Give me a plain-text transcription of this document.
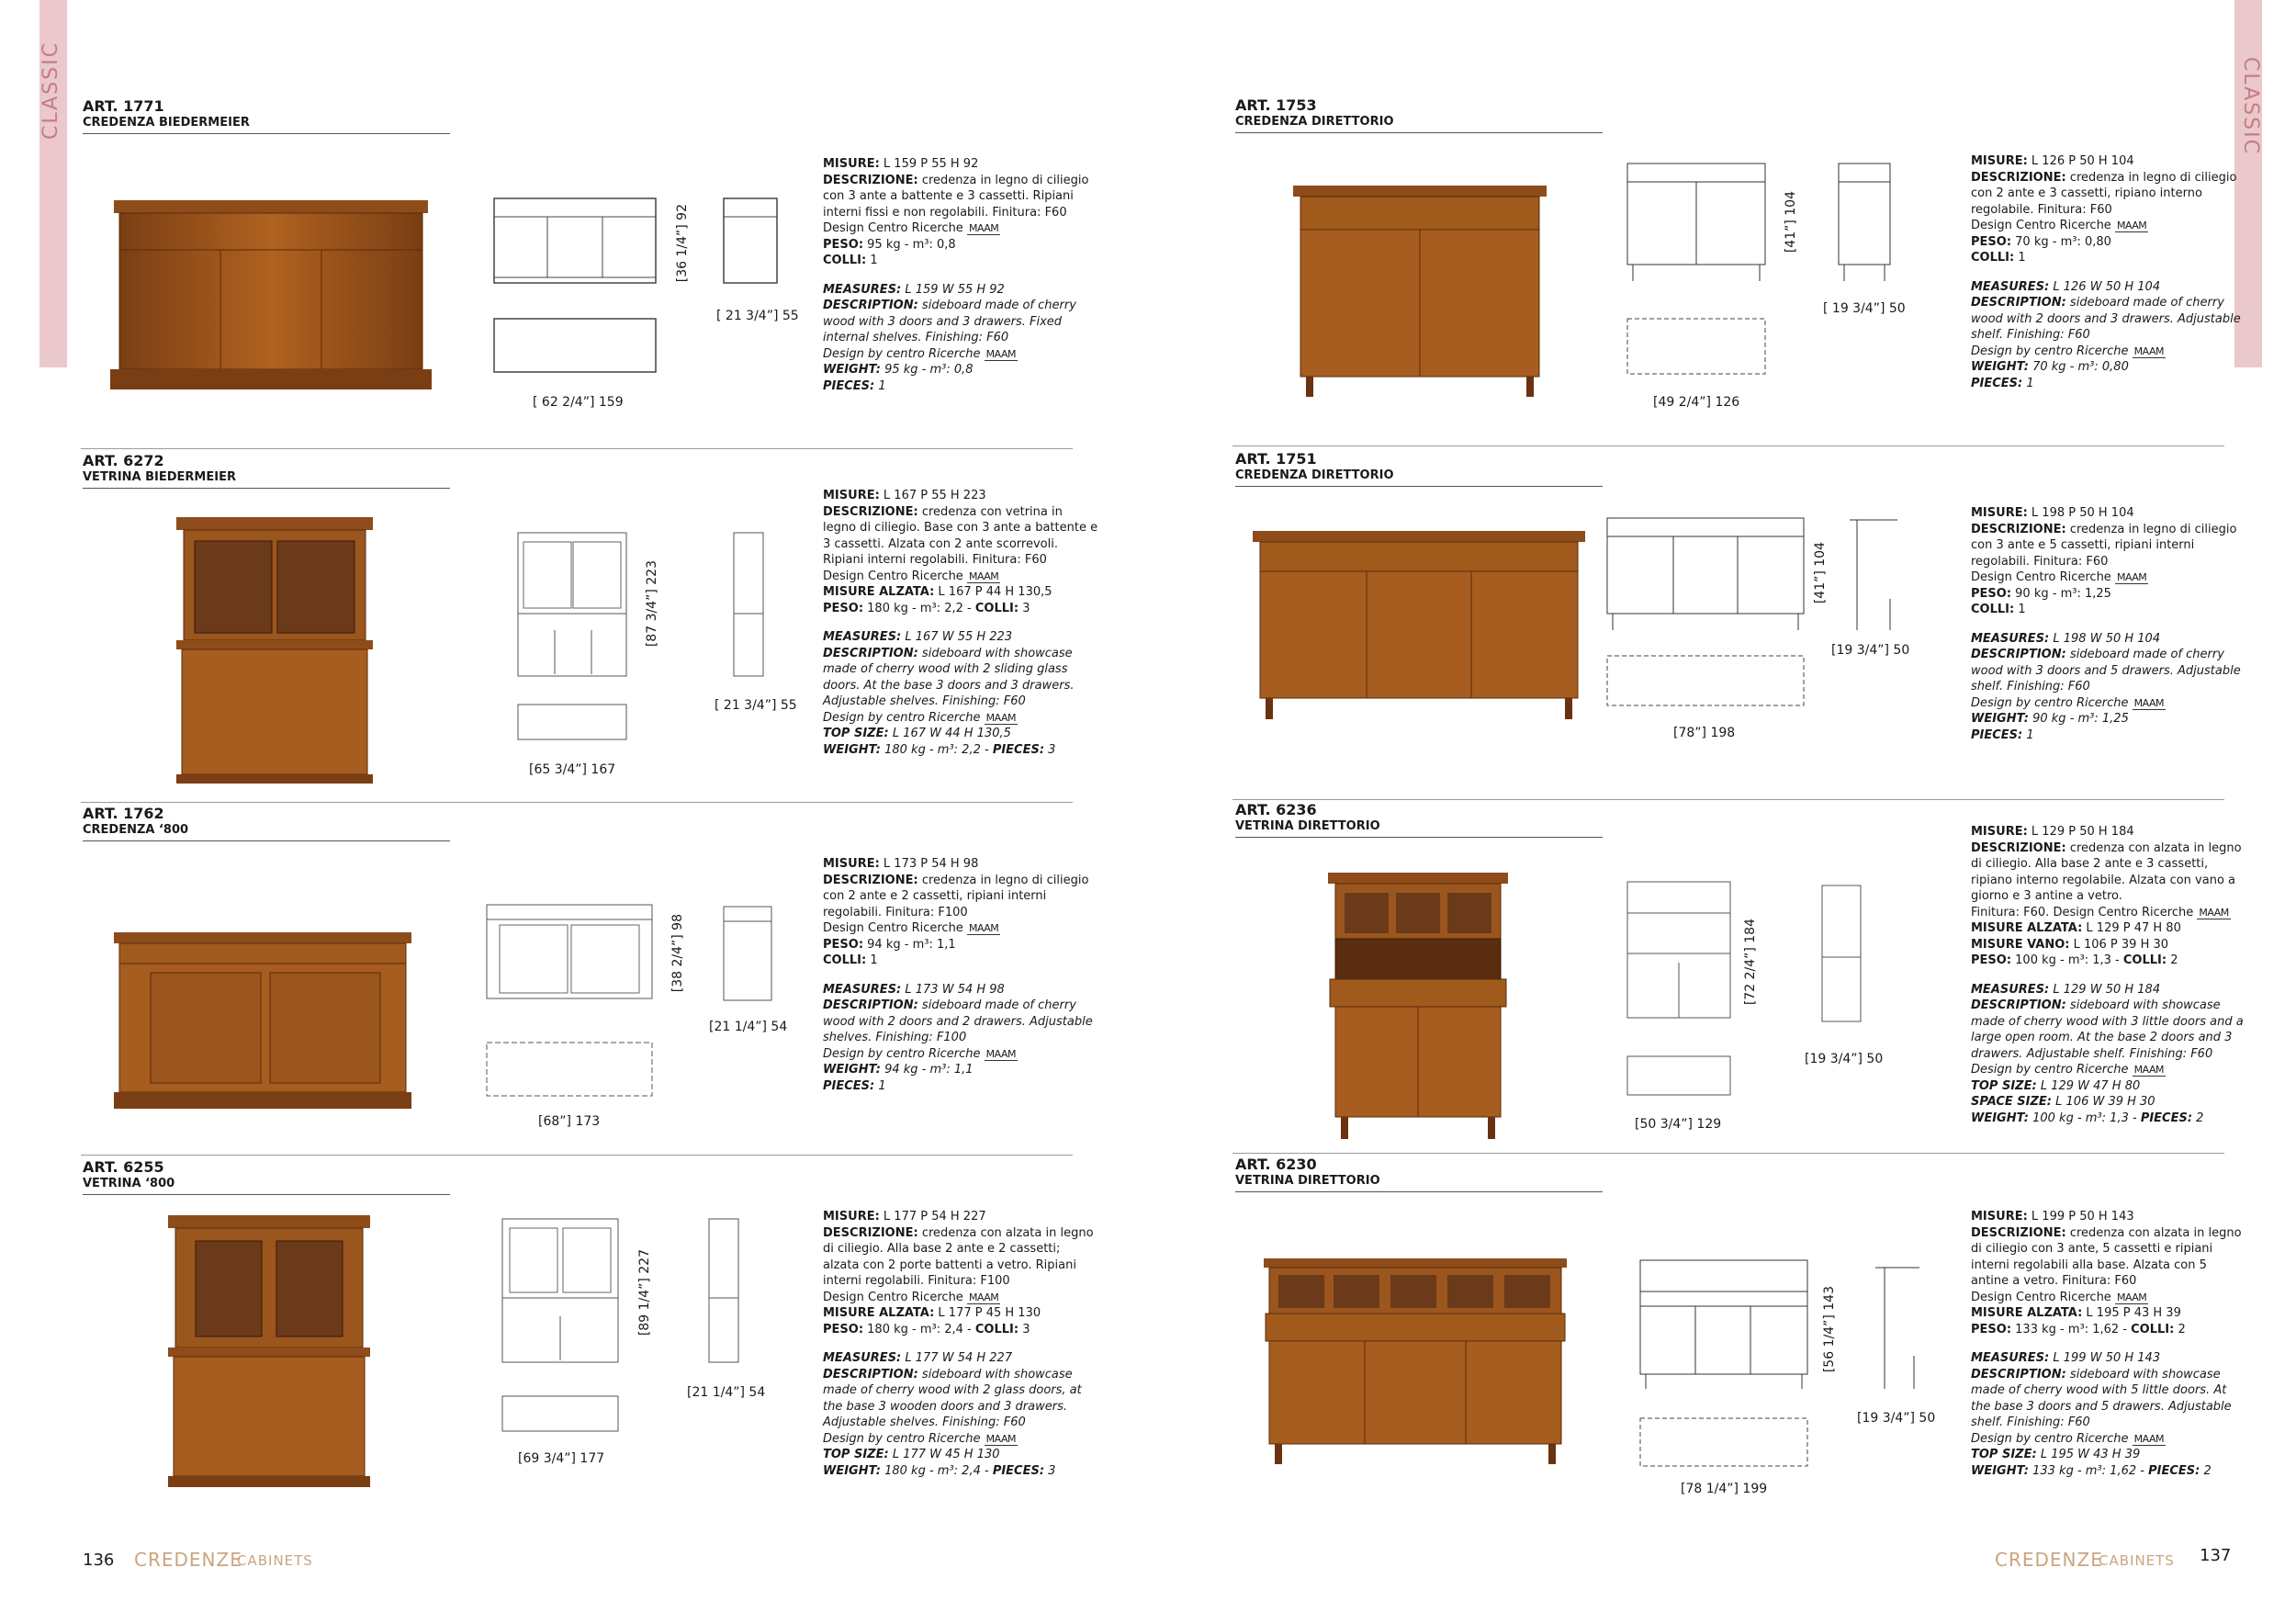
CLASSIC	CLASSIC
ART. 1771
CREDENZA BIEDERMEIER
[ 62 2/4”] 159
[36 1/4”] 92
[ 21 3/4”] 55

MISURE: L 159 P 55 H 92

DESCRIZIONE: credenza in legno di ciliegio con 3 ante a battente e 3 cassetti. Ripiani interni fissi e non regolabili. Finitura: F60

Design Centro Ricerche MAAM

PESO: 95 kg - m³: 0,8

COLLI: 1

MEASURES: L 159 W 55 H 92

DESCRIPTION: sideboard made of cherry wood with 3 doors and 3 drawers. Fixed internal shelves. Finishing: F60

Design by centro Ricerche MAAM

WEIGHT: 95 kg - m³: 0,8

PIECES: 1

ART. 6272
VETRINA BIEDERMEIER
[65 3/4”] 167
[87 3/4”] 223
[ 21 3/4”] 55

MISURE: L 167 P 55 H 223

DESCRIZIONE: credenza con vetrina in legno di ciliegio. Base con 3 ante a battente e 3 cassetti. Alzata con 2 ante scorrevoli. Ripiani interni regolabili. Finitura: F60

Design Centro Ricerche MAAM

MISURE ALZATA: L 167 P 44 H 130,5

PESO: 180 kg - m³: 2,2 - COLLI: 3

MEASURES: L 167 W 55 H 223

DESCRIPTION: sideboard with showcase made of cherry wood with 2 sliding glass doors. At the base 3 doors and 3 drawers. Adjustable shelves. Finishing: F60

Design by centro Ricerche MAAM

TOP SIZE: L 167 W 44 H 130,5

WEIGHT: 180 kg - m³: 2,2 - PIECES: 3

ART. 1762
CREDENZA ‘800
[68”] 173
[38 2/4”] 98
[21 1/4”] 54

MISURE: L 173 P 54 H 98

DESCRIZIONE: credenza in legno di ciliegio con 2 ante e 2 cassetti, ripiani interni regolabili. Finitura: F100

Design Centro Ricerche MAAM

PESO: 94 kg - m³: 1,1

COLLI: 1

MEASURES: L 173 W 54 H 98

DESCRIPTION: sideboard made of cherry wood with 2 doors and 2 drawers. Adjustable shelves. Finishing: F100

Design by centro Ricerche MAAM

WEIGHT: 94 kg - m³: 1,1

PIECES: 1

ART. 6255
VETRINA ‘800
[69 3/4”] 177
[89 1/4”] 227
[21 1/4”] 54

MISURE: L 177 P 54 H 227

DESCRIZIONE: credenza con alzata in legno di ciliegio. Alla base 2 ante e 2 cassetti; alzata con 2 porte battenti a vetro. Ripiani interni regolabili. Finitura: F100

Design Centro Ricerche MAAM

MISURE ALZATA: L 177 P 45 H 130

PESO: 180 kg - m³: 2,4 - COLLI: 3

MEASURES: L 177 W 54 H 227

DESCRIPTION: sideboard with showcase made of cherry wood with 2 glass doors, at the base 3 wooden doors and 3 drawers. Adjustable shelves. Finishing: F60

Design by centro Ricerche MAAM

TOP SIZE: L 177 W 45 H 130

WEIGHT: 180 kg - m³: 2,4 - PIECES: 3

ART. 1753
CREDENZA DIRETTORIO
[49 2/4”] 126
[41”] 104
[ 19 3/4”] 50

MISURE: L 126 P 50 H 104

DESCRIZIONE: credenza in legno di ciliegio con 2 ante e 3 cassetti, ripiano interno regolabile. Finitura: F60

Design Centro Ricerche MAAM

PESO: 70 kg - m³: 0,80

COLLI: 1

MEASURES: L 126 W 50 H 104

DESCRIPTION: sideboard made of cherry wood with 2 doors and 3 drawers. Adjustable shelf. Finishing: F60

Design by centro Ricerche MAAM

WEIGHT: 70 kg - m³: 0,80

PIECES: 1

ART. 1751
CREDENZA DIRETTORIO
[78”] 198
[41”] 104
[19 3/4”] 50

MISURE: L 198 P 50 H 104

DESCRIZIONE: credenza in legno di ciliegio con 3 ante e 5 cassetti, ripiani interni regolabili. Finitura: F60

Design Centro Ricerche MAAM

PESO: 90 kg - m³: 1,25

COLLI: 1

MEASURES: L 198 W 50 H 104

DESCRIPTION: sideboard made of cherry wood with 3 doors and 5 drawers. Adjustable shelf. Finishing: F60

Design by centro Ricerche MAAM

WEIGHT: 90 kg - m³: 1,25

PIECES: 1

ART. 6236
VETRINA DIRETTORIO
[50 3/4”] 129
[72 2/4”] 184
[19 3/4”] 50

MISURE: L 129 P 50 H 184

DESCRIZIONE: credenza con alzata in legno di ciliegio. Alla base 2 ante e 3 cassetti, ripiano interno regolabile. Alzata con vano a giorno e 3 antine a vetro.

Finitura: F60. Design Centro Ricerche MAAM

MISURE ALZATA: L 129 P 47 H 80

MISURE VANO: L 106 P 39 H 30

PESO: 100 kg - m³: 1,3 - COLLI: 2

MEASURES: L 129 W 50 H 184

DESCRIPTION: sideboard with showcase made of cherry wood with 3 little doors and a large open room. At the base 2 doors and 3 drawers. Adjustable shelf. Finishing: F60

Design by centro Ricerche MAAM

TOP SIZE: L 129 W 47 H 80

SPACE SIZE: L 106 W 39 H 30

WEIGHT: 100 kg - m³: 1,3 - PIECES: 2

ART. 6230
VETRINA DIRETTORIO
[78 1/4”] 199
[56 1/4”] 143
[19 3/4”] 50

MISURE: L 199 P 50 H 143

DESCRIZIONE: credenza con alzata in legno di ciliegio con 3 ante, 5 cassetti e ripiani interni regolabili alla base. Alzata con 5 antine a vetro. Finitura: F60

Design Centro Ricerche MAAM

MISURE ALZATA: L 195 P 43 H 39

PESO: 133 kg - m³: 1,62 - COLLI: 2

MEASURES: L 199 W 50 H 143

DESCRIPTION: sideboard with showcase made of cherry wood with 5 little doors. At the base 3 doors and 5 drawers. Adjustable shelf. Finishing: F60

Design by centro Ricerche MAAM

TOP SIZE: L 195 W 43 H 39

WEIGHT: 133 kg - m³: 1,62 - PIECES: 2

136 CREDENZE
CABINETS	CREDENZE
CABINETS 137
